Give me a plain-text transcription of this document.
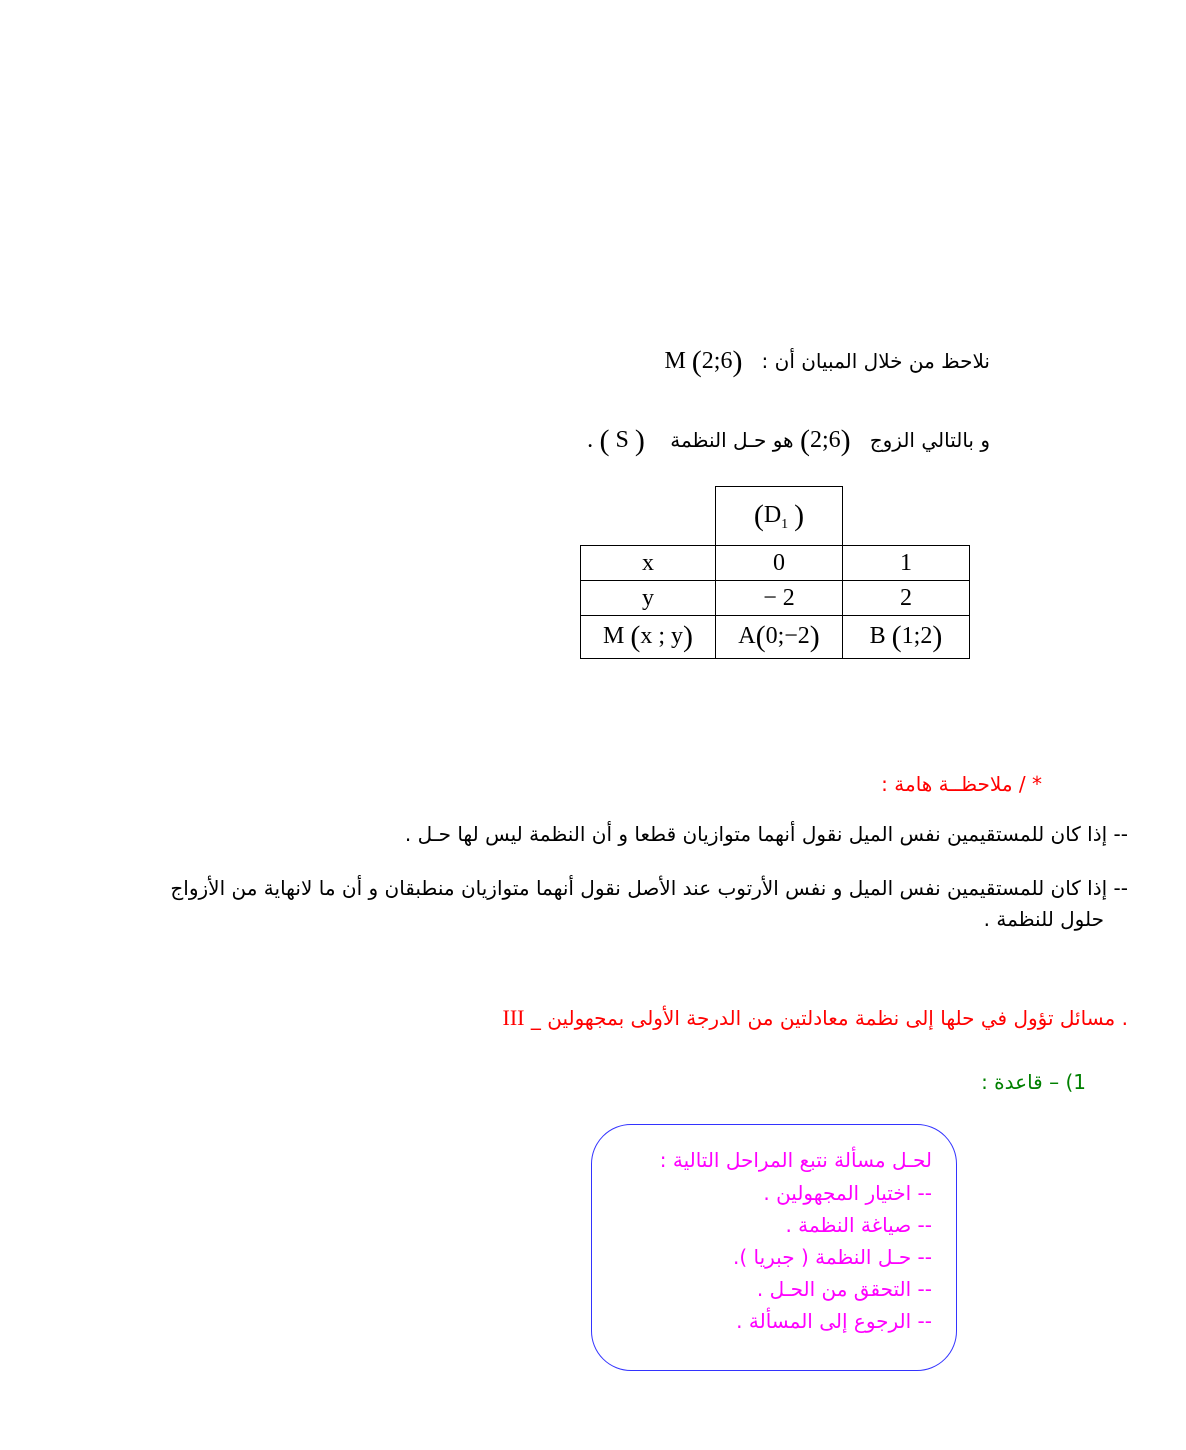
نلاحظ من خلال المبيان أن :   M (2;6)
و بالتالي الزوج   (2;6) هو حـل النظمة    ( S ) .
	($D_1$ )	
x	0	1
y	− 2	2
M (x ; y)	A(0;−2)	B (1;2)
* / ملاحظــة هامة :
-- إذا كان للمستقيمين نفس الميل نقول أنهما متوازيان قطعا و أن النظمة ليس لها حـل .
-- إذا كان للمستقيمين نفس الميل و نفس الأرتوب عند الأصل نقول أنهما متوازيان منطبقان و أن ما لانهاية من الأزواج
حلول للنظمة .
III _ مسائل تؤول في حلها إلى نظمة معادلتين من الدرجة الأولى بمجهولين .
1) – قاعدة :
لحـل مسألة نتبع المراحل التالية :
-- اختيار المجهولين .
-- صياغة النظمة .
-- حـل النظمة ( جبريا ).
-- التحقق من الحـل .
-- الرجوع إلى المسألة .
